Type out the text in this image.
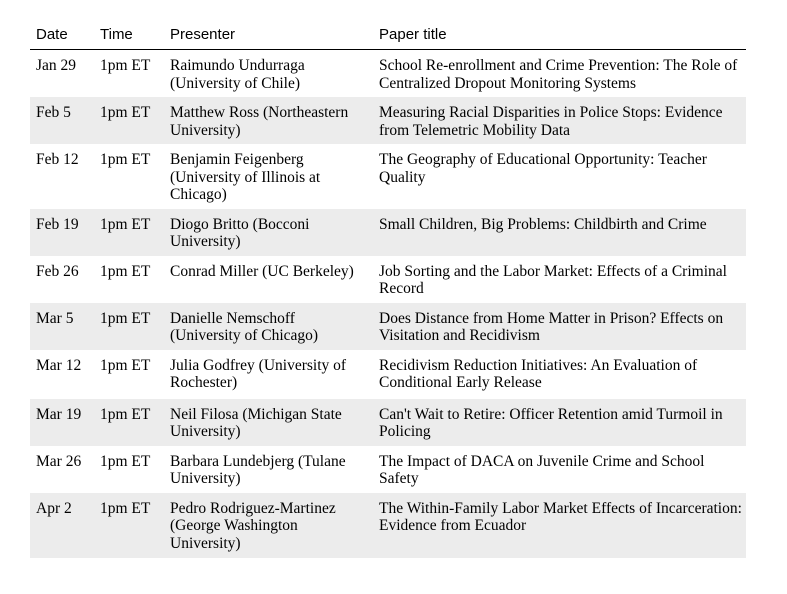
Date	Time	Presenter	Paper title
Jan 29	1pm ET	Raimundo Undurraga (University of Chile)	School Re-enrollment and Crime Prevention: The Role of Centralized Dropout Monitoring Systems
Feb 5	1pm ET	Matthew Ross (Northeastern University)	Measuring Racial Disparities in Police Stops: Evidence from Telemetric Mobility Data
Feb 12	1pm ET	Benjamin Feigenberg (University of Illinois at Chicago)	The Geography of Educational Opportunity: Teacher Quality
Feb 19	1pm ET	Diogo Britto (Bocconi University)	Small Children, Big Problems: Childbirth and Crime
Feb 26	1pm ET	Conrad Miller (UC Berkeley)	Job Sorting and the Labor Market: Effects of a Criminal Record
Mar 5	1pm ET	Danielle Nemschoff (University of Chicago)	Does Distance from Home Matter in Prison? Effects on Visitation and Recidivism
Mar 12	1pm ET	Julia Godfrey (University of Rochester)	Recidivism Reduction Initiatives: An Evaluation of Conditional Early Release
Mar 19	1pm ET	Neil Filosa (Michigan State University)	Can't Wait to Retire: Officer Retention amid Turmoil in Policing
Mar 26	1pm ET	Barbara Lundebjerg (Tulane University)	The Impact of DACA on Juvenile Crime and School Safety
Apr 2	1pm ET	Pedro Rodriguez-Martinez (George Washington University)	The Within-Family Labor Market Effects of Incarceration: Evidence from Ecuador
